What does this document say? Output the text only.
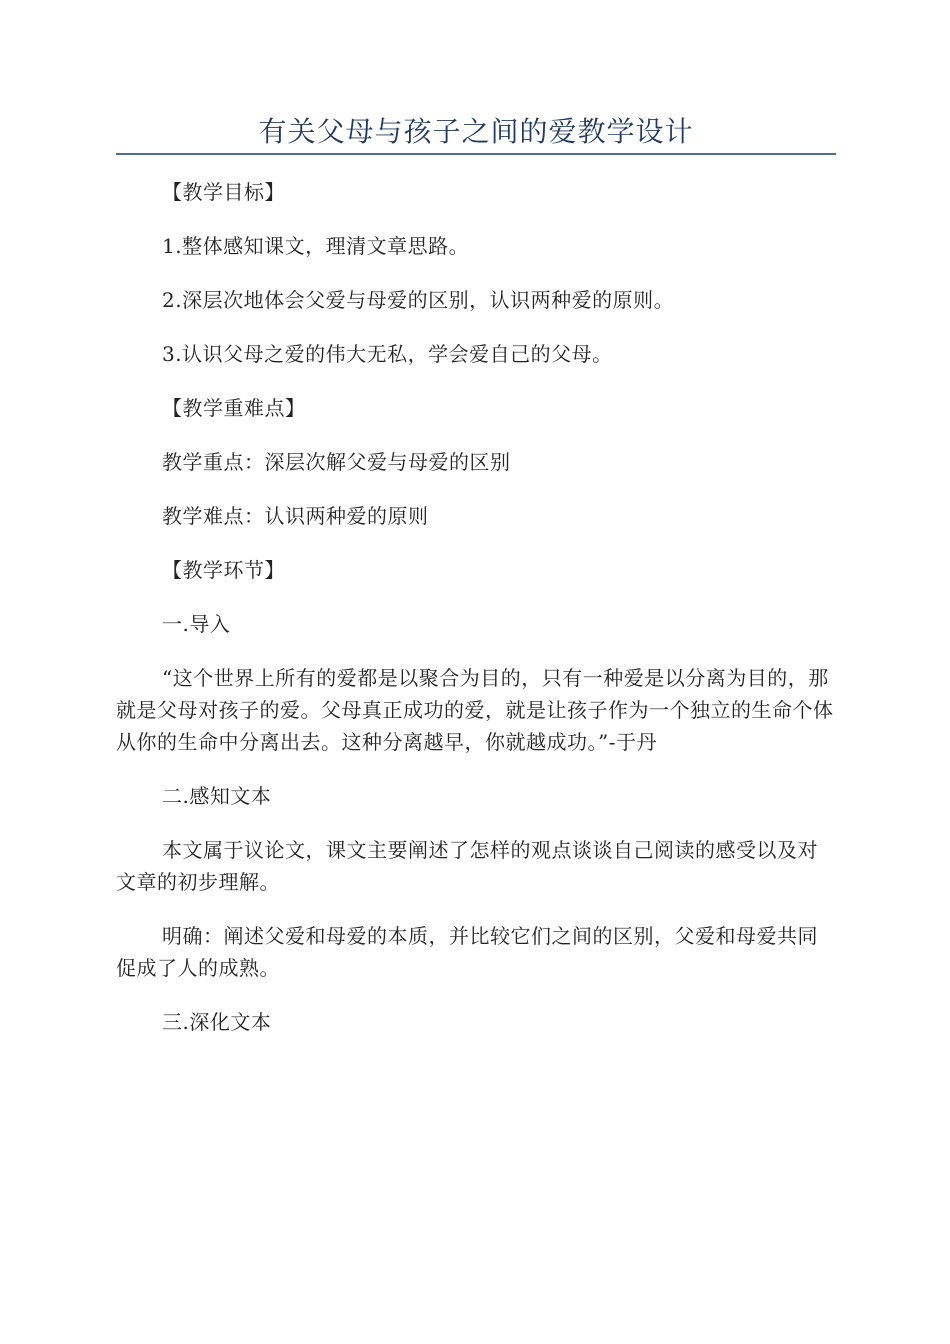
有关父母与孩子之间的爱教学设计

【教学目标】

1.整体感知课文，理清文章思路。

2.深层次地体会父爱与母爱的区别，认识两种爱的原则。

3.认识父母之爱的伟大无私，学会爱自己的父母。

【教学重难点】

教学重点：深层次解父爱与母爱的区别

教学难点：认识两种爱的原则

【教学环节】

一.导入

“这个世界上所有的爱都是以聚合为目的，只有一种爱是以分离为目的，那就是父母对孩子的爱。父母真正成功的爱，就是让孩子作为一个独立的生命个体从你的生命中分离出去。这种分离越早，你就越成功。”-于丹

二.感知文本

本文属于议论文，课文主要阐述了怎样的观点谈谈自己阅读的感受以及对文章的初步理解。

明确：阐述父爱和母爱的本质，并比较它们之间的区别，父爱和母爱共同促成了人的成熟。

三.深化文本
